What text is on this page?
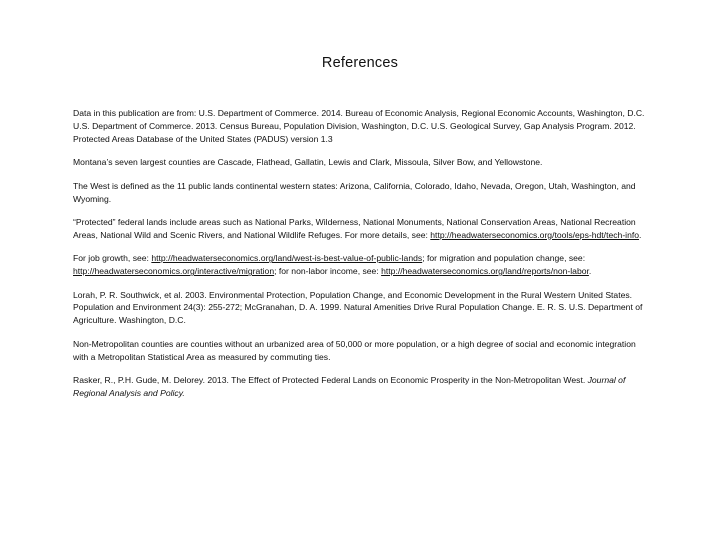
References

Data in this publication are from: U.S. Department of Commerce. 2014. Bureau of Economic Analysis, Regional Economic Accounts, Washington, D.C. U.S. Department of Commerce. 2013. Census Bureau, Population Division, Washington, D.C. U.S. Geological Survey, Gap Analysis Program. 2012. Protected Areas Database of the United States (PADUS) version 1.3

Montana’s seven largest counties are Cascade, Flathead, Gallatin, Lewis and Clark, Missoula, Silver Bow, and Yellowstone.

The West is defined as the 11 public lands continental western states: Arizona, California, Colorado, Idaho, Nevada, Oregon, Utah, Washington, and Wyoming.

“Protected” federal lands include areas such as National Parks, Wilderness, National Monuments, National Conservation Areas, National Recreation Areas, National Wild and Scenic Rivers, and National Wildlife Refuges. For more details, see: http://headwaterseconomics.org/tools/eps-hdt/tech-info.

For job growth, see: http://headwaterseconomics.org/land/west-is-best-value-of-public-lands; for migration and population change, see: http://headwaterseconomics.org/interactive/migration; for non-labor income, see: http://headwaterseconomics.org/land/reports/non-labor.

Lorah, P. R. Southwick, et al. 2003. Environmental Protection, Population Change, and Economic Development in the Rural Western United States. Population and Environment 24(3): 255-272; McGranahan, D. A. 1999. Natural Amenities Drive Rural Population Change. E. R. S. U.S. Department of Agriculture. Washington, D.C.

Non-Metropolitan counties are counties without an urbanized area of 50,000 or more population, or a high degree of social and economic integration with a Metropolitan Statistical Area as measured by commuting ties.

Rasker, R., P.H. Gude, M. Delorey. 2013. The Effect of Protected Federal Lands on Economic Prosperity in the Non-Metropolitan West. Journal of Regional Analysis and Policy.
